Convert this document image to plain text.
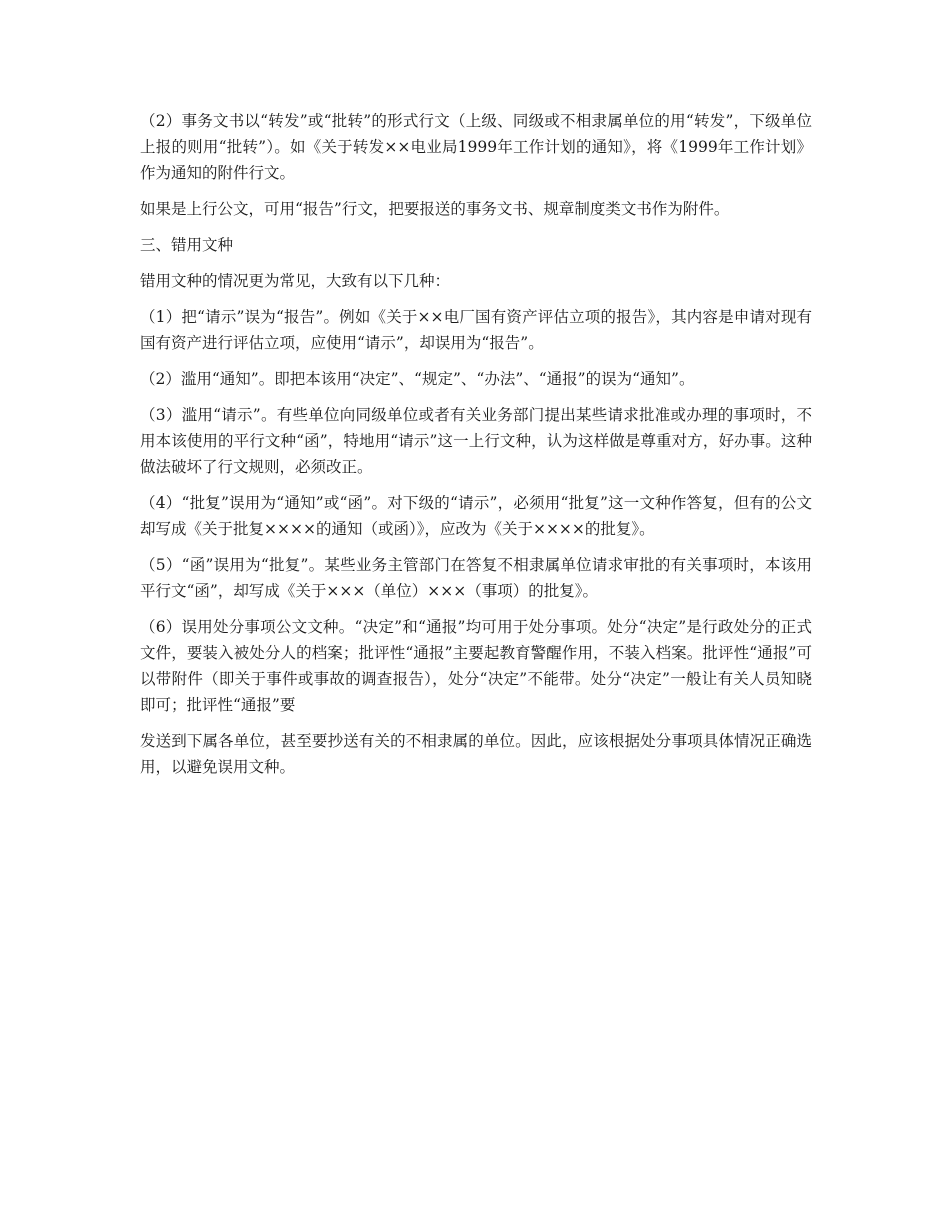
（2）事务文书以“转发”或“批转”的形式行文（上级、同级或不相隶属单位的用“转发”，下级单位上报的则用“批转”）。如《关于转发××电业局1999年工作计划的通知》，将《1999年工作计划》作为通知的附件行文。

如果是上行公文，可用“报告”行文，把要报送的事务文书、规章制度类文书作为附件。

三、错用文种

错用文种的情况更为常见，大致有以下几种：

（1）把“请示”误为“报告”。例如《关于××电厂国有资产评估立项的报告》，其内容是申请对现有国有资产进行评估立项，应使用“请示”，却误用为“报告”。

（2）滥用“通知”。即把本该用“决定”、“规定”、“办法”、“通报”的误为“通知”。

（3）滥用“请示”。有些单位向同级单位或者有关业务部门提出某些请求批准或办理的事项时，不用本该使用的平行文种“函”，特地用“请示”这一上行文种，认为这样做是尊重对方，好办事。这种做法破坏了行文规则，必须改正。

（4）“批复”误用为“通知”或“函”。对下级的“请示”，必须用“批复”这一文种作答复，但有的公文却写成《关于批复××××的通知（或函）》，应改为《关于××××的批复》。

（5）“函”误用为“批复”。某些业务主管部门在答复不相隶属单位请求审批的有关事项时，本该用平行文“函”，却写成《关于×××（单位）×××（事项）的批复》。

（6）误用处分事项公文文种。“决定”和“通报”均可用于处分事项。处分“决定”是行政处分的正式文件，要装入被处分人的档案；批评性“通报”主要起教育警醒作用，不装入档案。批评性“通报”可以带附件（即关于事件或事故的调查报告），处分“决定”不能带。处分“决定”一般让有关人员知晓即可；批评性“通报”要

发送到下属各单位，甚至要抄送有关的不相隶属的单位。因此，应该根据处分事项具体情况正确选用，以避免误用文种。
